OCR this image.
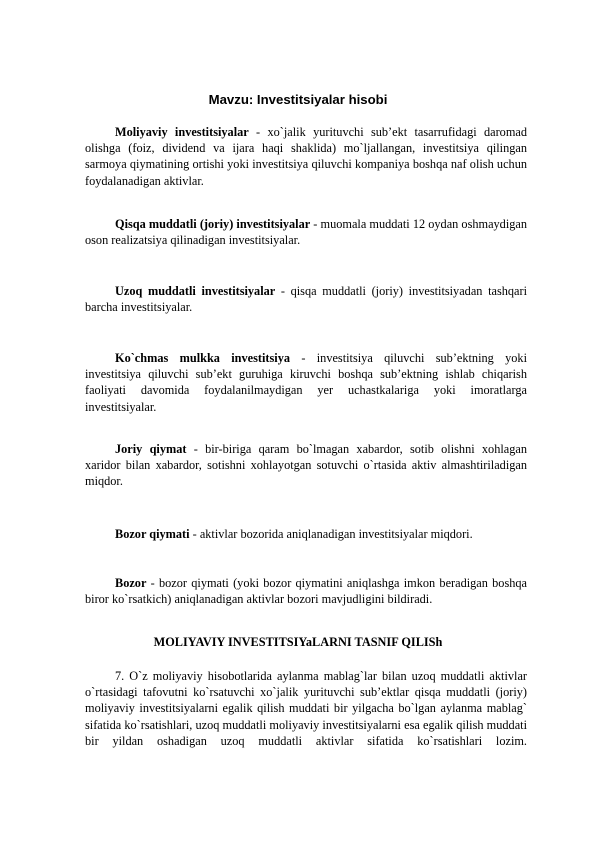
Mavzu: Investitsiyalar hisobi

Moliyaviy investitsiyalar - xo`jalik yurituvchi sub’ekt tasarrufidagi daromad olishga (foiz, dividend va ijara haqi shaklida) mo`ljallangan, investitsiya qilingan sarmoya qiymatining ortishi yoki investitsiya qiluvchi kompaniya boshqa naf olish uchun foydalanadigan aktivlar.

Qisqa muddatli (joriy) investitsiyalar - muomala muddati 12 oydan oshmaydigan oson realizatsiya qilinadigan investitsiyalar.

Uzoq muddatli investitsiyalar - qisqa muddatli (joriy) investitsiyadan tashqari barcha investitsiyalar.

Ko`chmas mulkka investitsiya - investitsiya qiluvchi sub’ektning yoki investitsiya qiluvchi sub’ekt guruhiga kiruvchi boshqa sub’ektning ishlab chiqarish faoliyati davomida foydalanilmaydigan yer uchastkalariga yoki imoratlarga investitsiyalar.

Joriy qiymat - bir-biriga qaram bo`lmagan xabardor, sotib olishni xohlagan xaridor bilan xabardor, sotishni xohlayotgan sotuvchi o`rtasida aktiv almashtiriladigan miqdor.

Bozor qiymati - aktivlar bozorida aniqlanadigan investitsiyalar miqdori.

Bozor - bozor qiymati (yoki bozor qiymatini aniqlashga imkon beradigan boshqa biror ko`rsatkich) aniqlanadigan aktivlar bozori mavjudligini bildiradi.

MOLIYAVIY INVESTITSIYaLARNI TASNIF QILISh

7. O`z moliyaviy hisobotlarida aylanma mablag`lar bilan uzoq muddatli aktivlar o`rtasidagi tafovutni ko`rsatuvchi xo`jalik yurituvchi sub’ektlar qisqa muddatli (joriy) moliyaviy investitsiyalarni egalik qilish muddati bir yilgacha bo`lgan aylanma mablag` sifatida ko`rsatishlari, uzoq muddatli moliyaviy investitsiyalarni esa egalik qilish muddati bir yildan oshadigan uzoq muddatli aktivlar sifatida ko`rsatishlari lozim.
